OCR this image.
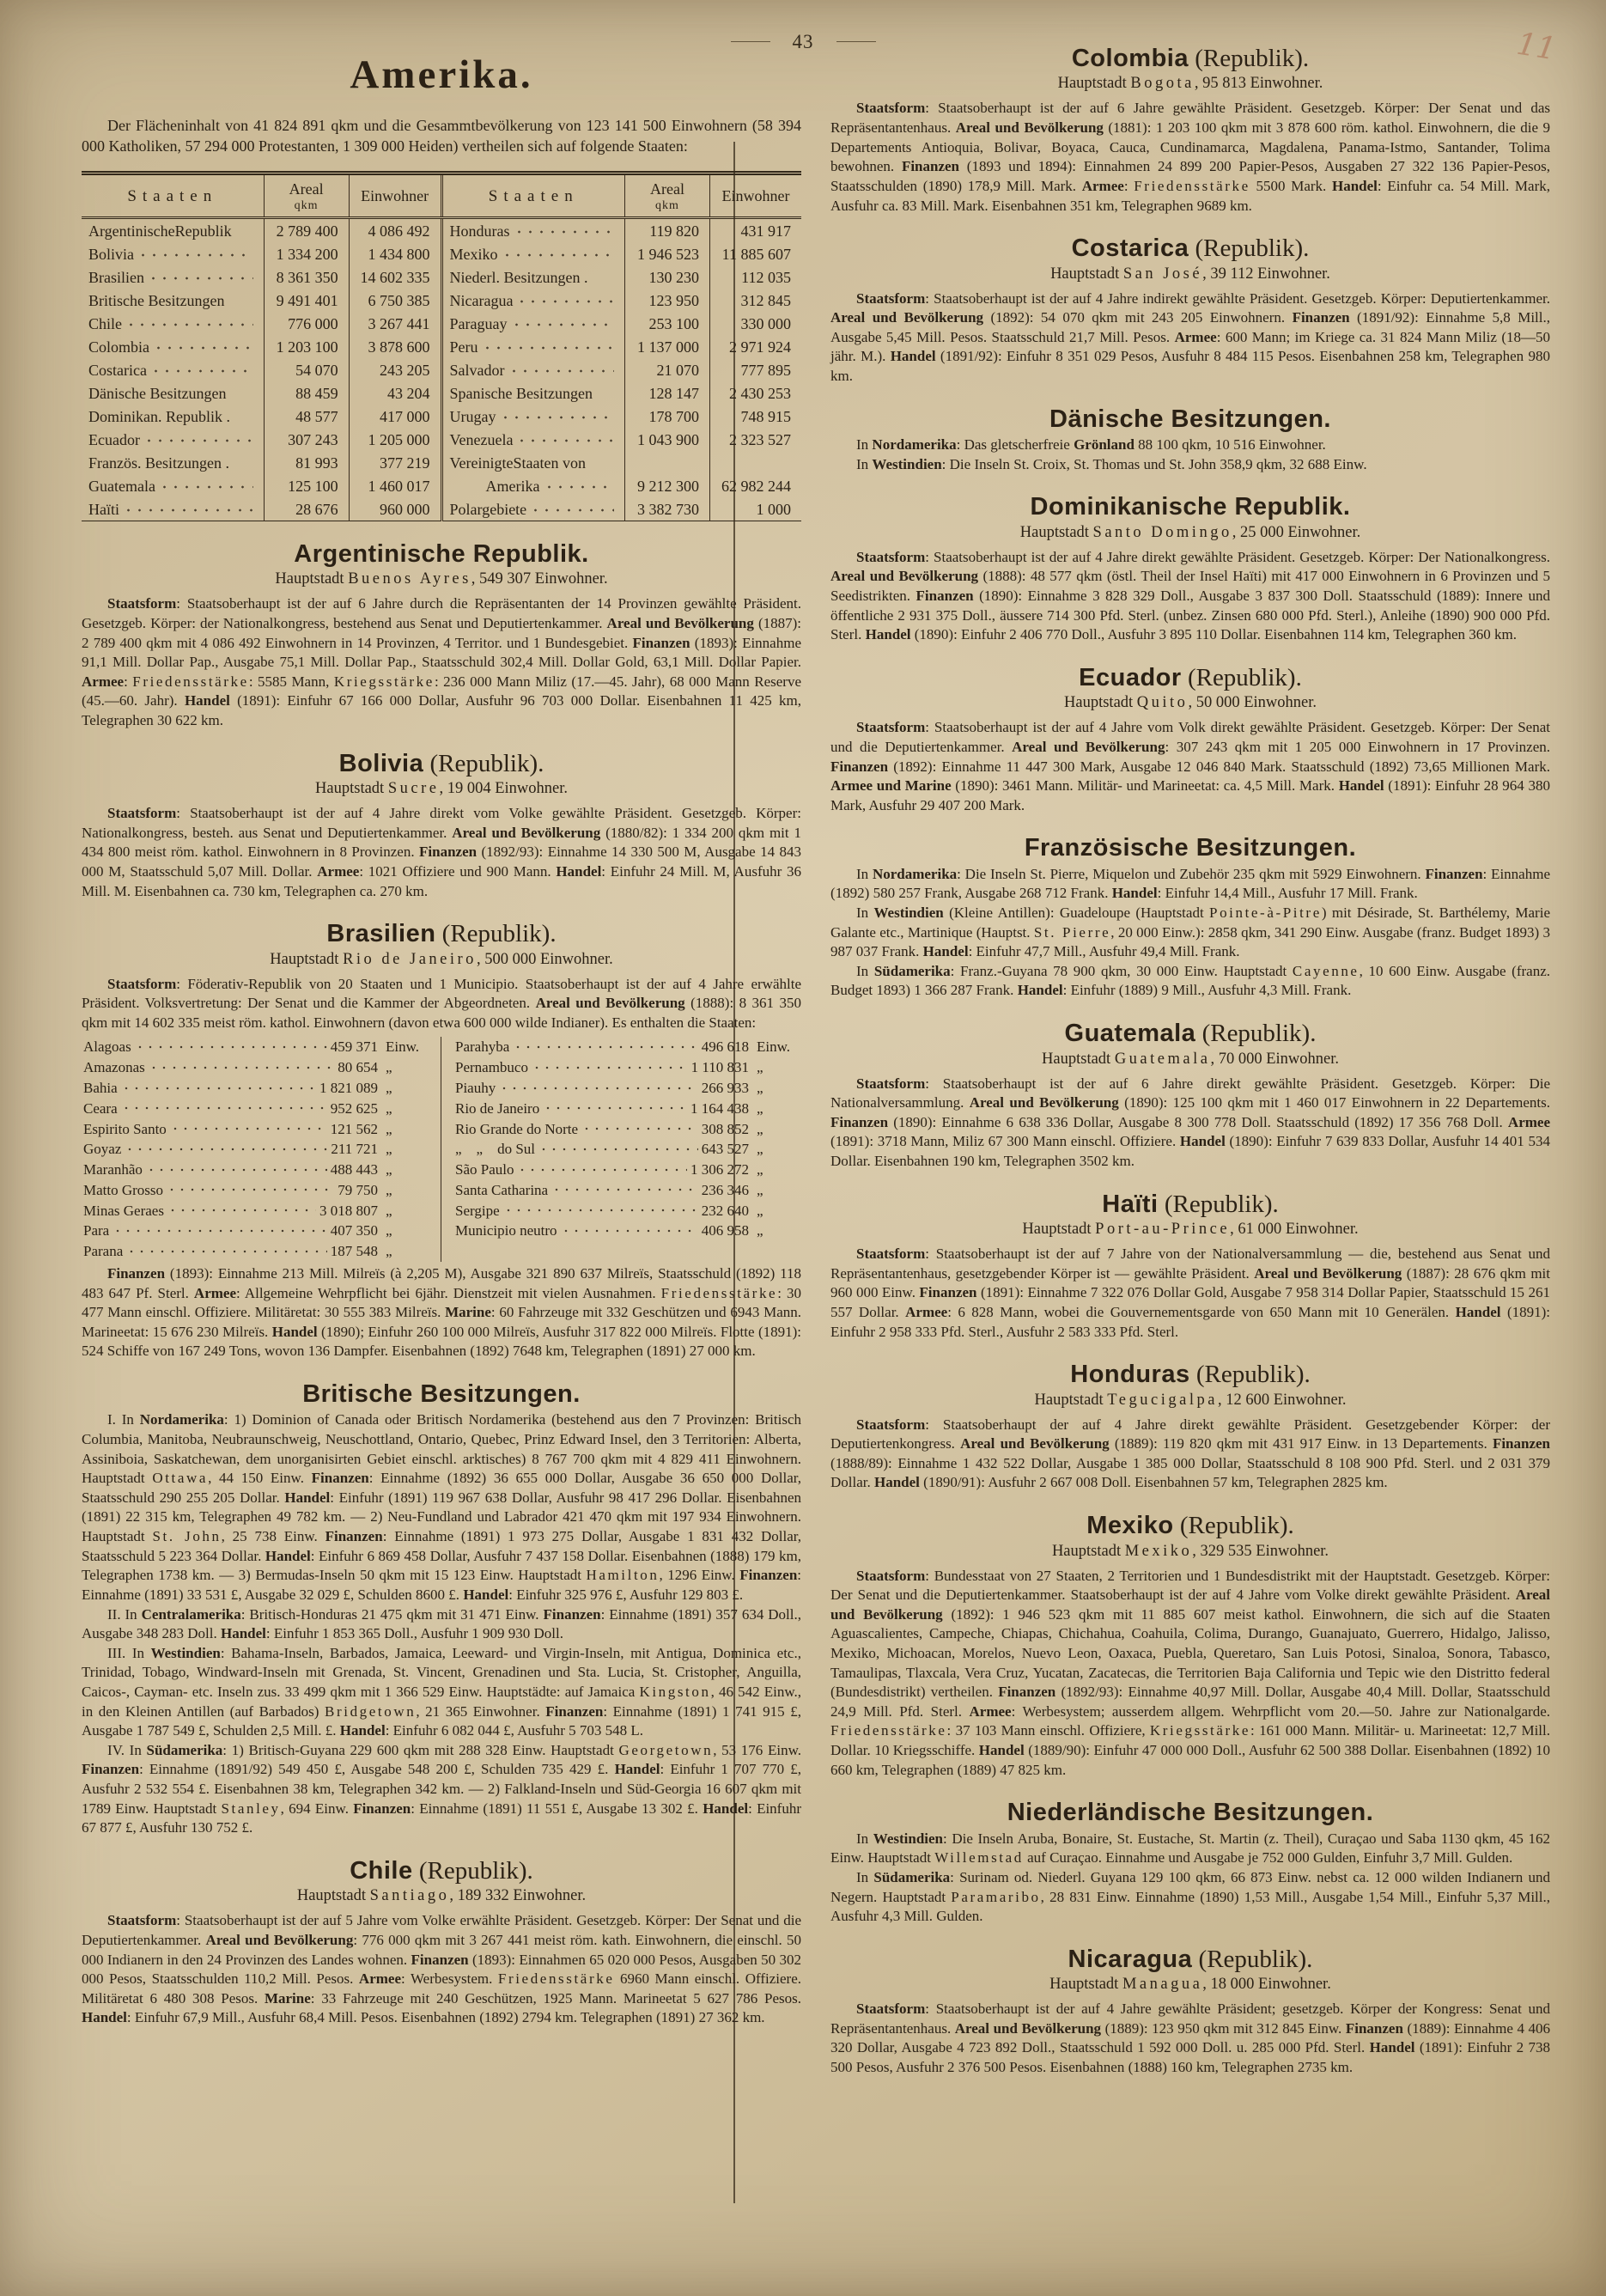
43	11
Amerika.

Der Flächeninhalt von 41 824 891 qkm und die Gesammtbevölkerung von 123 141 500 Einwohnern (58 394 000 Katholiken, 57 294 000 Protestanten, 1 309 000 Heiden) vertheilen sich auf folgende Staaten:

Staaten	Areal
qkm	Einwohner	Staaten	Areal
qkm	Einwohner

ArgentinischeRepublik	2 789 400	4 086 492	Honduras	119 820	431 917

Bolivia	1 334 200	1 434 800	Mexiko	1 946 523	11 885 607

Brasilien	8 361 350	14 602 335	Niederl. Besitzungen .	130 230	112 035

Britische Besitzungen	9 491 401	6 750 385	Nicaragua	123 950	312 845

Chile	776 000	3 267 441	Paraguay	253 100	330 000

Colombia	1 203 100	3 878 600	Peru	1 137 000	2 971 924

Costarica	54 070	243 205	Salvador	21 070	777 895

Dänische Besitzungen	88 459	43 204	Spanische Besitzungen	128 147	2 430 253

Dominikan. Republik .	48 577	417 000	Urugay	178 700	748 915

Ecuador	307 243	1 205 000	Venezuela	1 043 900	2 323 527

Französ. Besitzungen .	81 993	377 219	VereinigteStaaten von		

Guatemala	125 100	1 460 017	Amerika	9 212 300	62 982 244

Haïti	28 676	960 000	Polargebiete	3 382 730	1 000
Argentinische Republik.
Hauptstadt Buenos Ayres, 549 307 Einwohner.

Staatsform: Staatsoberhaupt ist der auf 6 Jahre durch die Repräsentanten der 14 Provinzen gewählte Präsident. Gesetzgeb. Körper: der Nationalkongress, bestehend aus Senat und Deputiertenkammer. Areal und Bevölkerung (1887): 2 789 400 qkm mit 4 086 492 Einwohnern in 14 Provinzen, 4 Territor. und 1 Bundesgebiet. Finanzen (1893): Einnahme 91,1 Mill. Dollar Pap., Ausgabe 75,1 Mill. Dollar Pap., Staatsschuld 302,4 Mill. Dollar Gold, 63,1 Mill. Dollar Papier. Armee: Friedensstärke: 5585 Mann, Kriegsstärke: 236 000 Mann Miliz (17.—45. Jahr), 68 000 Mann Reserve (45.—60. Jahr). Handel (1891): Einfuhr 67 166 000 Dollar, Ausfuhr 96 703 000 Dollar. Eisenbahnen 11 425 km, Telegraphen 30 622 km.

Bolivia (Republik).
Hauptstadt Sucre, 19 004 Einwohner.

Staatsform: Staatsoberhaupt ist der auf 4 Jahre direkt vom Volke gewählte Präsident. Gesetzgeb. Körper: Nationalkongress, besteh. aus Senat und Deputiertenkammer. Areal und Bevölkerung (1880/82): 1 334 200 qkm mit 1 434 800 meist röm. kathol. Einwohnern in 8 Provinzen. Finanzen (1892/93): Einnahme 14 330 500 M, Ausgabe 14 843 000 M, Staatsschuld 5,07 Mill. Dollar. Armee: 1021 Offiziere und 900 Mann. Handel: Einfuhr 24 Mill. M, Ausfuhr 36 Mill. M. Eisenbahnen ca. 730 km, Telegraphen ca. 270 km.

Brasilien (Republik).
Hauptstadt Rio de Janeiro, 500 000 Einwohner.

Staatsform: Föderativ-Republik von 20 Staaten und 1 Municipio. Staatsoberhaupt ist der auf 4 Jahre erwählte Präsident. Volksvertretung: Der Senat und die Kammer der Abgeordneten. Areal und Bevölkerung (1888): 8 361 350 qkm mit 14 602 335 meist röm. kathol. Einwohnern (davon etwa 600 000 wilde Indianer). Es enthalten die Staaten:

Alagoas	459 371 Einw.
Amazonas	80 654 „
Bahia	1 821 089 „
Ceara	952 625 „
Espirito Santo	121 562 „
Goyaz	211 721 „
Maranhão	488 443 „
Matto Grosso	79 750 „
Minas Geraes	3 018 807 „
Para	407 350 „
Parana	187 548 „
Parahyba	496 618 Einw.
Pernambuco	1 110 831 „
Piauhy	266 933 „
Rio de Janeiro	1 164 438 „
Rio Grande do Norte	308 852 „
„    „    do Sul	643 527 „
São Paulo	1 306 272 „
Santa Catharina	236 346 „
Sergipe	232 640 „
Municipio neutro	406 958 „

Finanzen (1893): Einnahme 213 Mill. Milreïs (à 2,205 M), Ausgabe 321 890 637 Milreïs, Staatsschuld (1892) 118 483 647 Pf. Sterl. Armee: Allgemeine Wehrpflicht bei 6jähr. Dienstzeit mit vielen Ausnahmen. Friedensstärke: 30 477 Mann einschl. Offiziere. Militäretat: 30 555 383 Milreïs. Marine: 60 Fahrzeuge mit 332 Geschützen und 6943 Mann. Marineetat: 15 676 230 Milreïs. Handel (1890); Einfuhr 260 100 000 Milreïs, Ausfuhr 317 822 000 Milreïs. Flotte (1891): 524 Schiffe von 167 249 Tons, wovon 136 Dampfer. Eisenbahnen (1892) 7648 km, Telegraphen (1891) 27 000 km.

Britische Besitzungen.

I. In Nordamerika: 1) Dominion of Canada oder Britisch Nordamerika (bestehend aus den 7 Provinzen: Britisch Columbia, Manitoba, Neubraunschweig, Neuschottland, Ontario, Quebec, Prinz Edward Insel, den 3 Territorien: Alberta, Assiniboia, Saskatchewan, dem unorganisirten Gebiet einschl. arktisches) 8 767 700 qkm mit 4 829 411 Einwohnern. Hauptstadt Ottawa, 44 150 Einw. Finanzen: Einnahme (1892) 36 655 000 Dollar, Ausgabe 36 650 000 Dollar, Staatsschuld 290 255 205 Dollar. Handel: Einfuhr (1891) 119 967 638 Dollar, Ausfuhr 98 417 296 Dollar. Eisenbahnen (1891) 22 315 km, Telegraphen 49 782 km. — 2) Neu-Fundland und Labrador 421 470 qkm mit 197 934 Einwohnern. Hauptstadt St. John, 25 738 Einw. Finanzen: Einnahme (1891) 1 973 275 Dollar, Ausgabe 1 831 432 Dollar, Staatsschuld 5 223 364 Dollar. Handel: Einfuhr 6 869 458 Dollar, Ausfuhr 7 437 158 Dollar. Eisenbahnen (1888) 179 km, Telegraphen 1738 km. — 3) Bermudas-Inseln 50 qkm mit 15 123 Einw. Hauptstadt Hamilton, 1296 Einw. Finanzen: Einnahme (1891) 33 531 £, Ausgabe 32 029 £, Schulden 8600 £. Handel: Einfuhr 325 976 £, Ausfuhr 129 803 £.

II. In Centralamerika: Britisch-Honduras 21 475 qkm mit 31 471 Einw. Finanzen: Einnahme (1891) 357 634 Doll., Ausgabe 348 283 Doll. Handel: Einfuhr 1 853 365 Doll., Ausfuhr 1 909 930 Doll.

III. In Westindien: Bahama-Inseln, Barbados, Jamaica, Leeward- und Virgin-Inseln, mit Antigua, Dominica etc., Trinidad, Tobago, Windward-Inseln mit Grenada, St. Vincent, Grenadinen und Sta. Lucia, St. Cristopher, Anguilla, Caicos-, Cayman- etc. Inseln zus. 33 499 qkm mit 1 366 529 Einw. Hauptstädte: auf Jamaica Kingston, 46 542 Einw., in den Kleinen Antillen (auf Barbados) Bridgetown, 21 365 Einwohner. Finanzen: Einnahme (1891) 1 741 915 £, Ausgabe 1 787 549 £, Schulden 2,5 Mill. £. Handel: Einfuhr 6 082 044 £, Ausfuhr 5 703 548 L.

IV. In Südamerika: 1) Britisch-Guyana 229 600 qkm mit 288 328 Einw. Hauptstadt Georgetown, 53 176 Einw. Finanzen: Einnahme (1891/92) 549 450 £, Ausgabe 548 200 £, Schulden 735 429 £. Handel: Einfuhr 1 707 770 £, Ausfuhr 2 532 554 £. Eisenbahnen 38 km, Telegraphen 342 km. — 2) Falkland-Inseln und Süd-Georgia 16 607 qkm mit 1789 Einw. Hauptstadt Stanley, 694 Einw. Finanzen: Einnahme (1891) 11 551 £, Ausgabe 13 302 £. Handel: Einfuhr 67 877 £, Ausfuhr 130 752 £.

Chile (Republik).
Hauptstadt Santiago, 189 332 Einwohner.

Staatsform: Staatsoberhaupt ist der auf 5 Jahre vom Volke erwählte Präsident. Gesetzgeb. Körper: Der Senat und die Deputiertenkammer. Areal und Bevölkerung: 776 000 qkm mit 3 267 441 meist röm. kath. Einwohnern, die einschl. 50 000 Indianern in den 24 Provinzen des Landes wohnen. Finanzen (1893): Einnahmen 65 020 000 Pesos, Ausgaben 50 302 000 Pesos, Staatsschulden 110,2 Mill. Pesos. Armee: Werbesystem. Friedensstärke 6960 Mann einschl. Offiziere. Militäretat 6 480 308 Pesos. Marine: 33 Fahrzeuge mit 240 Geschützen, 1925 Mann. Marineetat 5 627 786 Pesos. Handel: Einfuhr 67,9 Mill., Ausfuhr 68,4 Mill. Pesos. Eisenbahnen (1892) 2794 km. Telegraphen (1891) 27 362 km.

Colombia (Republik).
Hauptstadt Bogota, 95 813 Einwohner.

Staatsform: Staatsoberhaupt ist der auf 6 Jahre gewählte Präsident. Gesetzgeb. Körper: Der Senat und das Repräsentantenhaus. Areal und Bevölkerung (1881): 1 203 100 qkm mit 3 878 600 röm. kathol. Einwohnern, die die 9 Departements Antioquia, Bolivar, Boyaca, Cauca, Cundinamarca, Magdalena, Panama-Istmo, Santander, Tolima bewohnen. Finanzen (1893 und 1894): Einnahmen 24 899 200 Papier-Pesos, Ausgaben 27 322 136 Papier-Pesos, Staatsschulden (1890) 178,9 Mill. Mark. Armee: Friedensstärke 5500 Mark. Handel: Einfuhr ca. 54 Mill. Mark, Ausfuhr ca. 83 Mill. Mark. Eisenbahnen 351 km, Telegraphen 9689 km.

Costarica (Republik).
Hauptstadt San José, 39 112 Einwohner.

Staatsform: Staatsoberhaupt ist der auf 4 Jahre indirekt gewählte Präsident. Gesetzgeb. Körper: Deputiertenkammer. Areal und Bevölkerung (1892): 54 070 qkm mit 243 205 Einwohnern. Finanzen (1891/92): Einnahme 5,8 Mill., Ausgabe 5,45 Mill. Pesos. Staatsschuld 21,7 Mill. Pesos. Armee: 600 Mann; im Kriege ca. 31 824 Mann Miliz (18—50 jähr. M.). Handel (1891/92): Einfuhr 8 351 029 Pesos, Ausfuhr 8 484 115 Pesos. Eisenbahnen 258 km, Telegraphen 980 km.

Dänische Besitzungen.

In Nordamerika: Das gletscherfreie Grönland 88 100 qkm, 10 516 Einwohner.

In Westindien: Die Inseln St. Croix, St. Thomas und St. John 358,9 qkm, 32 688 Einw.

Dominikanische Republik.
Hauptstadt Santo Domingo, 25 000 Einwohner.

Staatsform: Staatsoberhaupt ist der auf 4 Jahre direkt gewählte Präsident. Gesetzgeb. Körper: Der Nationalkongress. Areal und Bevölkerung (1888): 48 577 qkm (östl. Theil der Insel Haïti) mit 417 000 Einwohnern in 6 Provinzen und 5 Seedistrikten. Finanzen (1890): Einnahme 3 828 329 Doll., Ausgabe 3 837 300 Doll. Staatsschuld (1889): Innere und öffentliche 2 931 375 Doll., äussere 714 300 Pfd. Sterl. (unbez. Zinsen 680 000 Pfd. Sterl.), Anleihe (1890) 900 000 Pfd. Sterl. Handel (1890): Einfuhr 2 406 770 Doll., Ausfuhr 3 895 110 Dollar. Eisenbahnen 114 km, Telegraphen 360 km.

Ecuador (Republik).
Hauptstadt Quito, 50 000 Einwohner.

Staatsform: Staatsoberhaupt ist der auf 4 Jahre vom Volk direkt gewählte Präsident. Gesetzgeb. Körper: Der Senat und die Deputiertenkammer. Areal und Bevölkerung: 307 243 qkm mit 1 205 000 Einwohnern in 17 Provinzen. Finanzen (1892): Einnahme 11 447 300 Mark, Ausgabe 12 046 840 Mark. Staatsschuld (1892) 73,65 Millionen Mark. Armee und Marine (1890): 3461 Mann. Militär- und Marineetat: ca. 4,5 Mill. Mark. Handel (1891): Einfuhr 28 964 380 Mark, Ausfuhr 29 407 200 Mark.

Französische Besitzungen.

In Nordamerika: Die Inseln St. Pierre, Miquelon und Zubehör 235 qkm mit 5929 Einwohnern. Finanzen: Einnahme (1892) 580 257 Frank, Ausgabe 268 712 Frank. Handel: Einfuhr 14,4 Mill., Ausfuhr 17 Mill. Frank.

In Westindien (Kleine Antillen): Guadeloupe (Hauptstadt Pointe-à-Pitre) mit Désirade, St. Barthélemy, Marie Galante etc., Martinique (Hauptst. St. Pierre, 20 000 Einw.): 2858 qkm, 341 290 Einw. Ausgabe (franz. Budget 1893) 3 987 037 Frank. Handel: Einfuhr 47,7 Mill., Ausfuhr 49,4 Mill. Frank.

In Südamerika: Franz.-Guyana 78 900 qkm, 30 000 Einw. Hauptstadt Cayenne, 10 600 Einw. Ausgabe (franz. Budget 1893) 1 366 287 Frank. Handel: Einfuhr (1889) 9 Mill., Ausfuhr 4,3 Mill. Frank.

Guatemala (Republik).
Hauptstadt Guatemala, 70 000 Einwohner.

Staatsform: Staatsoberhaupt ist der auf 6 Jahre direkt gewählte Präsident. Gesetzgeb. Körper: Die Nationalversammlung. Areal und Bevölkerung (1890): 125 100 qkm mit 1 460 017 Einwohnern in 22 Departements. Finanzen (1890): Einnahme 6 638 336 Dollar, Ausgabe 8 300 778 Doll. Staatsschuld (1892) 17 356 768 Doll. Armee (1891): 3718 Mann, Miliz 67 300 Mann einschl. Offiziere. Handel (1890): Einfuhr 7 639 833 Dollar, Ausfuhr 14 401 534 Dollar. Eisenbahnen 190 km, Telegraphen 3502 km.

Haïti (Republik).
Hauptstadt Port-au-Prince, 61 000 Einwohner.

Staatsform: Staatsoberhaupt ist der auf 7 Jahre von der Nationalversammlung — die, bestehend aus Senat und Repräsentantenhaus, gesetzgebender Körper ist — gewählte Präsident. Areal und Bevölkerung (1887): 28 676 qkm mit 960 000 Einw. Finanzen (1891): Einnahme 7 322 076 Dollar Gold, Ausgabe 7 958 314 Dollar Papier, Staatsschuld 15 261 557 Dollar. Armee: 6 828 Mann, wobei die Gouvernementsgarde von 650 Mann mit 10 Generälen. Handel (1891): Einfuhr 2 958 333 Pfd. Sterl., Ausfuhr 2 583 333 Pfd. Sterl.

Honduras (Republik).
Hauptstadt Tegucigalpa, 12 600 Einwohner.

Staatsform: Staatsoberhaupt der auf 4 Jahre direkt gewählte Präsident. Gesetzgebender Körper: der Deputiertenkongress. Areal und Bevölkerung (1889): 119 820 qkm mit 431 917 Einw. in 13 Departements. Finanzen (1888/89): Einnahme 1 432 522 Dollar, Ausgabe 1 385 000 Dollar, Staatsschuld 8 108 900 Pfd. Sterl. und 2 031 379 Dollar. Handel (1890/91): Ausfuhr 2 667 008 Doll. Eisenbahnen 57 km, Telegraphen 2825 km.

Mexiko (Republik).
Hauptstadt Mexiko, 329 535 Einwohner.

Staatsform: Bundesstaat von 27 Staaten, 2 Territorien und 1 Bundesdistrikt mit der Hauptstadt. Gesetzgeb. Körper: Der Senat und die Deputiertenkammer. Staatsoberhaupt ist der auf 4 Jahre vom Volke direkt gewählte Präsident. Areal und Bevölkerung (1892): 1 946 523 qkm mit 11 885 607 meist kathol. Einwohnern, die sich auf die Staaten Aguascalientes, Campeche, Chiapas, Chichahua, Coahuila, Colima, Durango, Guanajuato, Guerrero, Hidalgo, Jalisso, Mexiko, Michoacan, Morelos, Nuevo Leon, Oaxaca, Puebla, Queretaro, San Luis Potosi, Sinaloa, Sonora, Tabasco, Tamaulipas, Tlaxcala, Vera Cruz, Yucatan, Zacatecas, die Territorien Baja California und Tepic wie den Distritto federal (Bundesdistrikt) vertheilen. Finanzen (1892/93): Einnahme 40,97 Mill. Dollar, Ausgabe 40,4 Mill. Dollar, Staatsschuld 24,9 Mill. Pfd. Sterl. Armee: Werbesystem; ausserdem allgem. Wehrpflicht vom 20.—50. Jahre zur Nationalgarde. Friedensstärke: 37 103 Mann einschl. Offiziere, Kriegsstärke: 161 000 Mann. Militär- u. Marineetat: 12,7 Mill. Dollar. 10 Kriegsschiffe. Handel (1889/90): Einfuhr 47 000 000 Doll., Ausfuhr 62 500 388 Dollar. Eisenbahnen (1892) 10 660 km, Telegraphen (1889) 47 825 km.

Niederländische Besitzungen.

In Westindien: Die Inseln Aruba, Bonaire, St. Eustache, St. Martin (z. Theil), Curaçao und Saba 1130 qkm, 45 162 Einw. Hauptstadt Willemstad auf Curaçao. Einnahme und Ausgabe je 752 000 Gulden, Einfuhr 3,7 Mill. Gulden.

In Südamerika: Surinam od. Niederl. Guyana 129 100 qkm, 66 873 Einw. nebst ca. 12 000 wilden Indianern und Negern. Hauptstadt Paramaribo, 28 831 Einw. Einnahme (1890) 1,53 Mill., Ausgabe 1,54 Mill., Einfuhr 5,37 Mill., Ausfuhr 4,3 Mill. Gulden.

Nicaragua (Republik).
Hauptstadt Managua, 18 000 Einwohner.

Staatsform: Staatsoberhaupt ist der auf 4 Jahre gewählte Präsident; gesetzgeb. Körper der Kongress: Senat und Repräsentantenhaus. Areal und Bevölkerung (1889): 123 950 qkm mit 312 845 Einw. Finanzen (1889): Einnahme 4 406 320 Dollar, Ausgabe 4 723 892 Doll., Staatsschuld 1 592 000 Doll. u. 285 000 Pfd. Sterl. Handel (1891): Einfuhr 2 738 500 Pesos, Ausfuhr 2 376 500 Pesos. Eisenbahnen (1888) 160 km, Telegraphen 2735 km.
